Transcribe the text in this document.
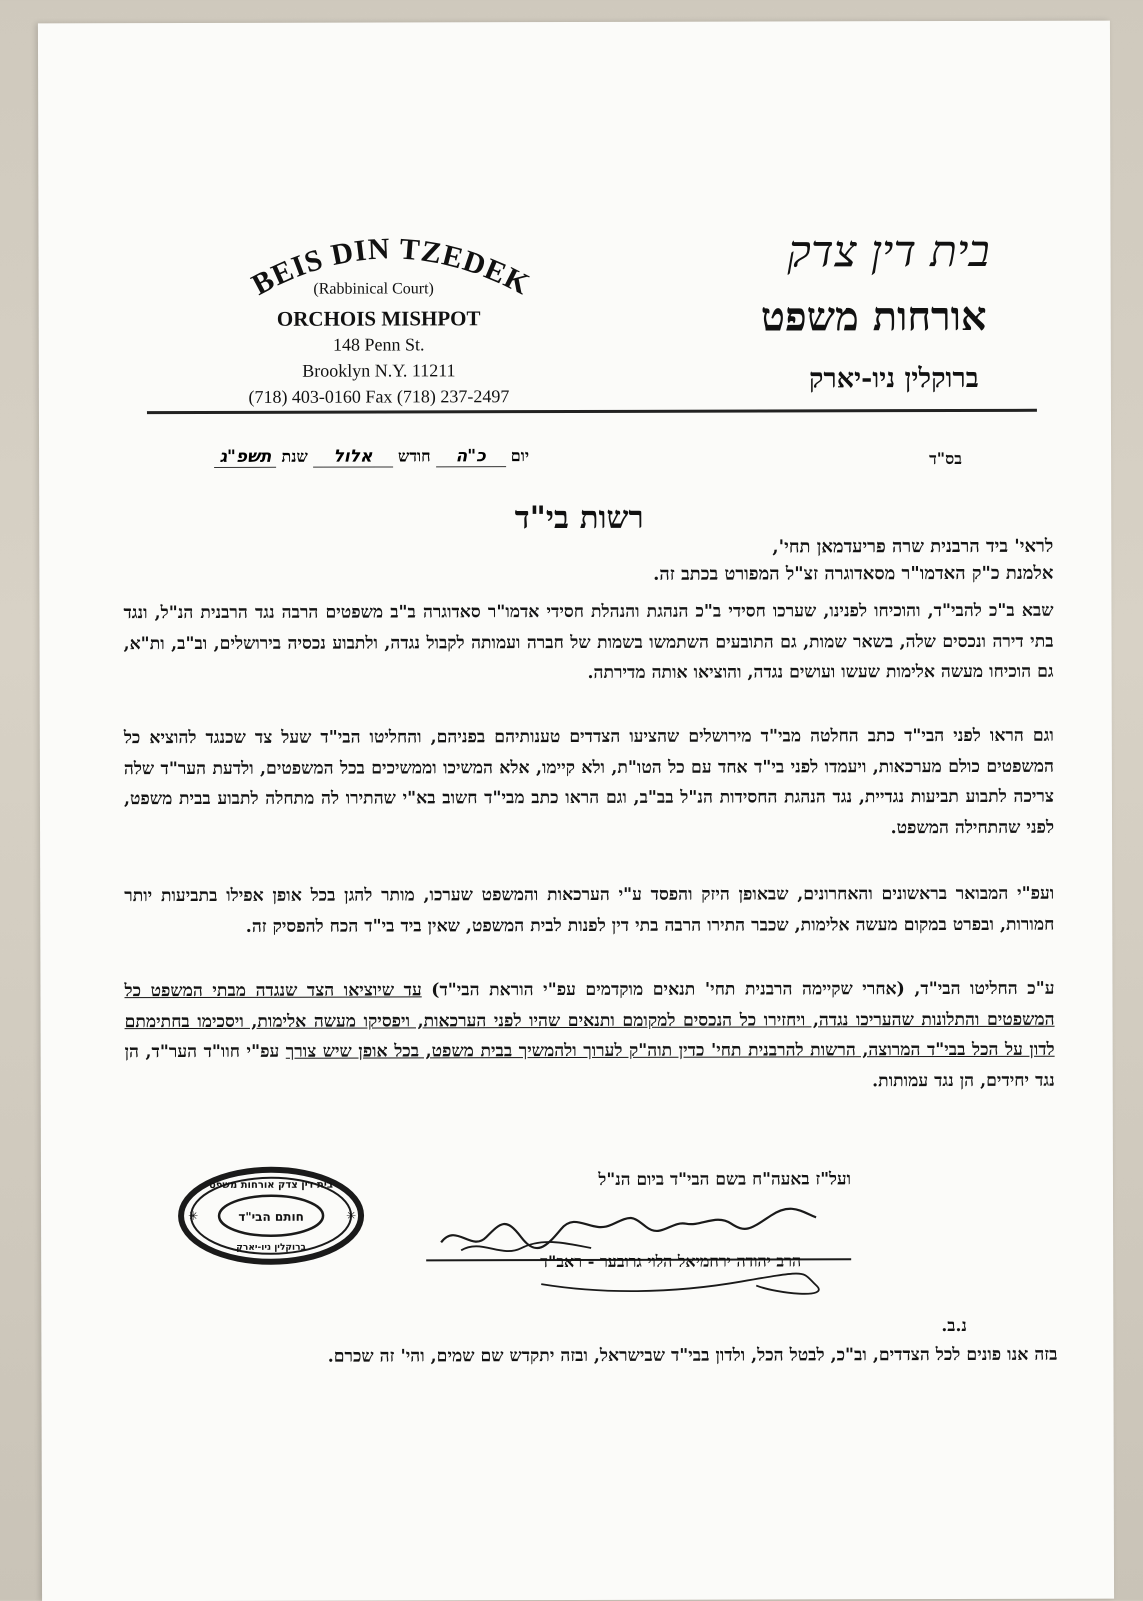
BEIS DIN TZEDEK
(Rabbinical Court)
ORCHOIS MISHPOT
148 Penn St.
Brooklyn N.Y. 11211
(718) 403-0160 Fax (718) 237-2497
בית דין צדק
אורחות משפט
ברוקלין ניו-יארק
בס"ד
יום כ"ה חודש אלול שנת תשפ"ג
רשות בי"ד
לראי' ביד הרבנית שרה פריעדמאן תחי',
אלמנת כ"ק האדמו"ר מסאדוגרה זצ"ל המפורט בכתב זה.
שבא ב"כ להבי"ד, והוכיחו לפנינו, שערכו חסידי ב"כ הנהגת והנהלת חסידי אדמו"ר סאדוגרה ב"ב משפטים הרבה נגד הרבנית הנ"ל, ונגד בתי דירה ונכסים שלה, בשאר שמות, גם התובעים השתמשו בשמות של חברה ועמותה לקבול נגדה, ולתבוע נכסיה בירושלים, וב"ב, ות"א, גם הוכיחו מעשה אלימות שעשו ועושים נגדה, והוציאו אותה מדירתה.
וגם הראו לפני הבי"ד כתב החלטה מבי"ד מירושלים שהציעו הצדדים טענותיהם בפניהם, והחליטו הבי"ד שעל צד שכנגד להוציא כל המשפטים כולם מערכאות, ויעמדו לפני בי"ד אחד עם כל הטו"ת, ולא קיימו, אלא המשיכו וממשיכים בכל המשפטים, ולדעת הער"ד שלה צריכה לתבוע תביעות נגדיית, נגד הנהגת החסידות הנ"ל בב"ב, וגם הראו כתב מבי"ד חשוב בא"י שהתירו לה מתחלה לתבוע בבית משפט, לפני שהתחילה המשפט.
ועפ"י המבואר בראשונים והאחרונים, שבאופן היזק והפסד ע"י הערכאות והמשפט שערכו, מותר להגן בכל אופן אפילו בתביעות יותר חמורות, ובפרט במקום מעשה אלימות, שכבר התירו הרבה בתי דין לפנות לבית המשפט, שאין ביד בי"ד הכח להפסיק זה.
ע"כ החליטו הבי"ד, (אחרי שקיימה הרבנית תחי' תנאים מוקדמים עפ"י הוראת הבי"ד) עד שיוציאו הצד שנגדה מבתי המשפט כל המשפטים והתלונות שהעריכו נגדה, ויחזירו כל הנכסים למקומם ותנאים שהיו לפני הערכאות, ויפסיקו מעשה אלימות, ויסכימו בחתימתם לדון על הכל בבי"ד המרוצה, הרשות להרבנית תחי' כדין תוה"ק לערוך ולהמשיך בבית משפט, בכל אופן שיש צורך עפ"י חוו"ד הער"ד, הן נגד יחידים, הן נגד עמותות.
ועל"ז באעה"ח בשם הבי"ד ביום הנ"ל
✳	✳
בית דין צדק אורחות משפט
חותם הבי"ד
ברוקלין ניו-יארק
הרב יהודה ירחמיאל הלוי גרובער - ראב"ד
נ.ב.
בזה אנו פונים לכל הצדדים, וב"כ, לבטל הכל, ולדון בבי"ד שבישראל, ובזה יתקדש שם שמים, והי' זה שכרם.
